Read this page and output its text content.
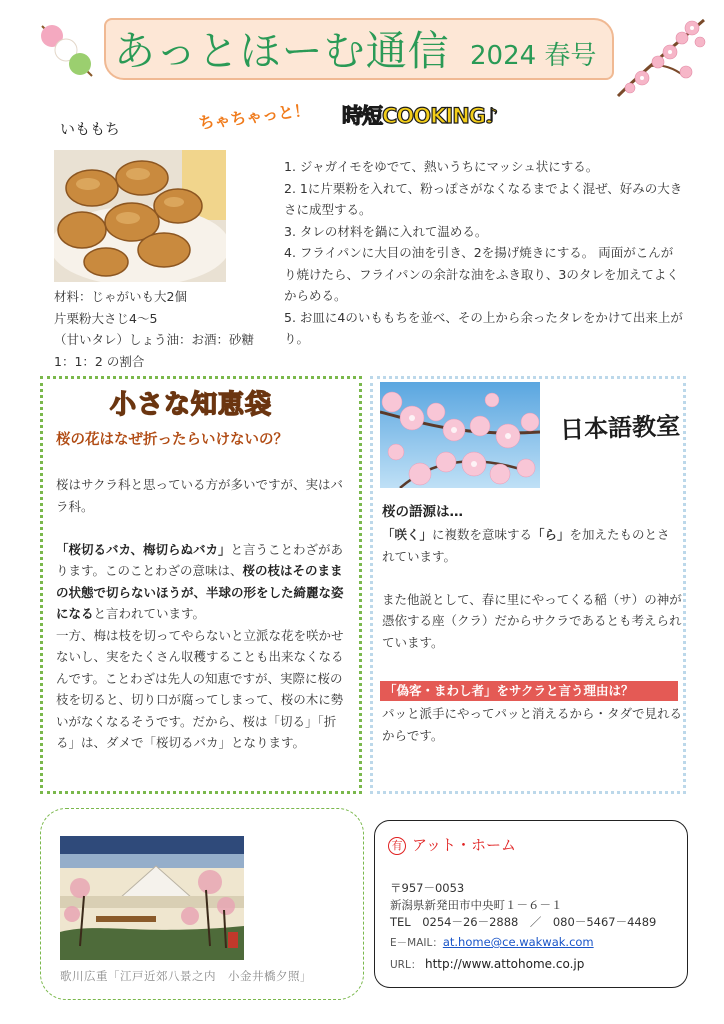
あっとほーむ通信 2024 春号
いももち	ちゃちゃっと！ 時短COOKING♪
材料：じゃがいも大2個
片栗粉大さじ4〜5
（甘いタレ）しょう油：お酒：砂糖
1：1：2 の割合
1. ジャガイモをゆでて、熱いうちにマッシュ状にする。
2. 1に片栗粉を入れて、粉っぽさがなくなるまでよく混ぜ、好みの大きさに成型する。
3. タレの材料を鍋に入れて温める。
4. フライパンに大目の油を引き、2を揚げ焼きにする。 両面がこんがり焼けたら、フライパンの余計な油をふき取り、3のタレを加えてよくからめる。
5. お皿に4のいももちを並べ、その上から余ったタレをかけて出来上がり。
小さな知恵袋
桜の花はなぜ折ったらいけないの？

桜はサクラ科と思っている方が多いですが、実はバラ科。

「桜切るバカ、梅切らぬバカ」と言うことわざがあります。このことわざの意味は、桜の枝はそのままの状態で切らないほうが、半球の形をした綺麗な姿になると言われています。

一方、梅は枝を切ってやらないと立派な花を咲かせないし、実をたくさん収穫することも出来なくなるんです。ことわざは先人の知恵ですが、実際に桜の枝を切ると、切り口が腐ってしまって、桜の木に勢いがなくなるそうです。だから、桜は「切る」「折る」は、ダメで「桜切るバカ」となります。

日本語教室
桜の語源は…

「咲く」に複数を意味する「ら」を加えたものとされています。

また他説として、春に里にやってくる稲（サ）の神が憑依する座（クラ）だからサクラであるとも考えられています。

「偽客・まわし者」をサクラと言う理由は？
パッと派手にやってパッと消えるから・タダで見れるからです。
歌川広重「江戸近郊八景之内　小金井橋夕照」
有 アット・ホーム
〒957－0053
新潟県新発田市中央町１－６－１
TEL　0254－26－2888　／　080－5467－4489
E－MAIL：at.home@ce.wakwak.com
URL： http://www.attohome.co.jp
